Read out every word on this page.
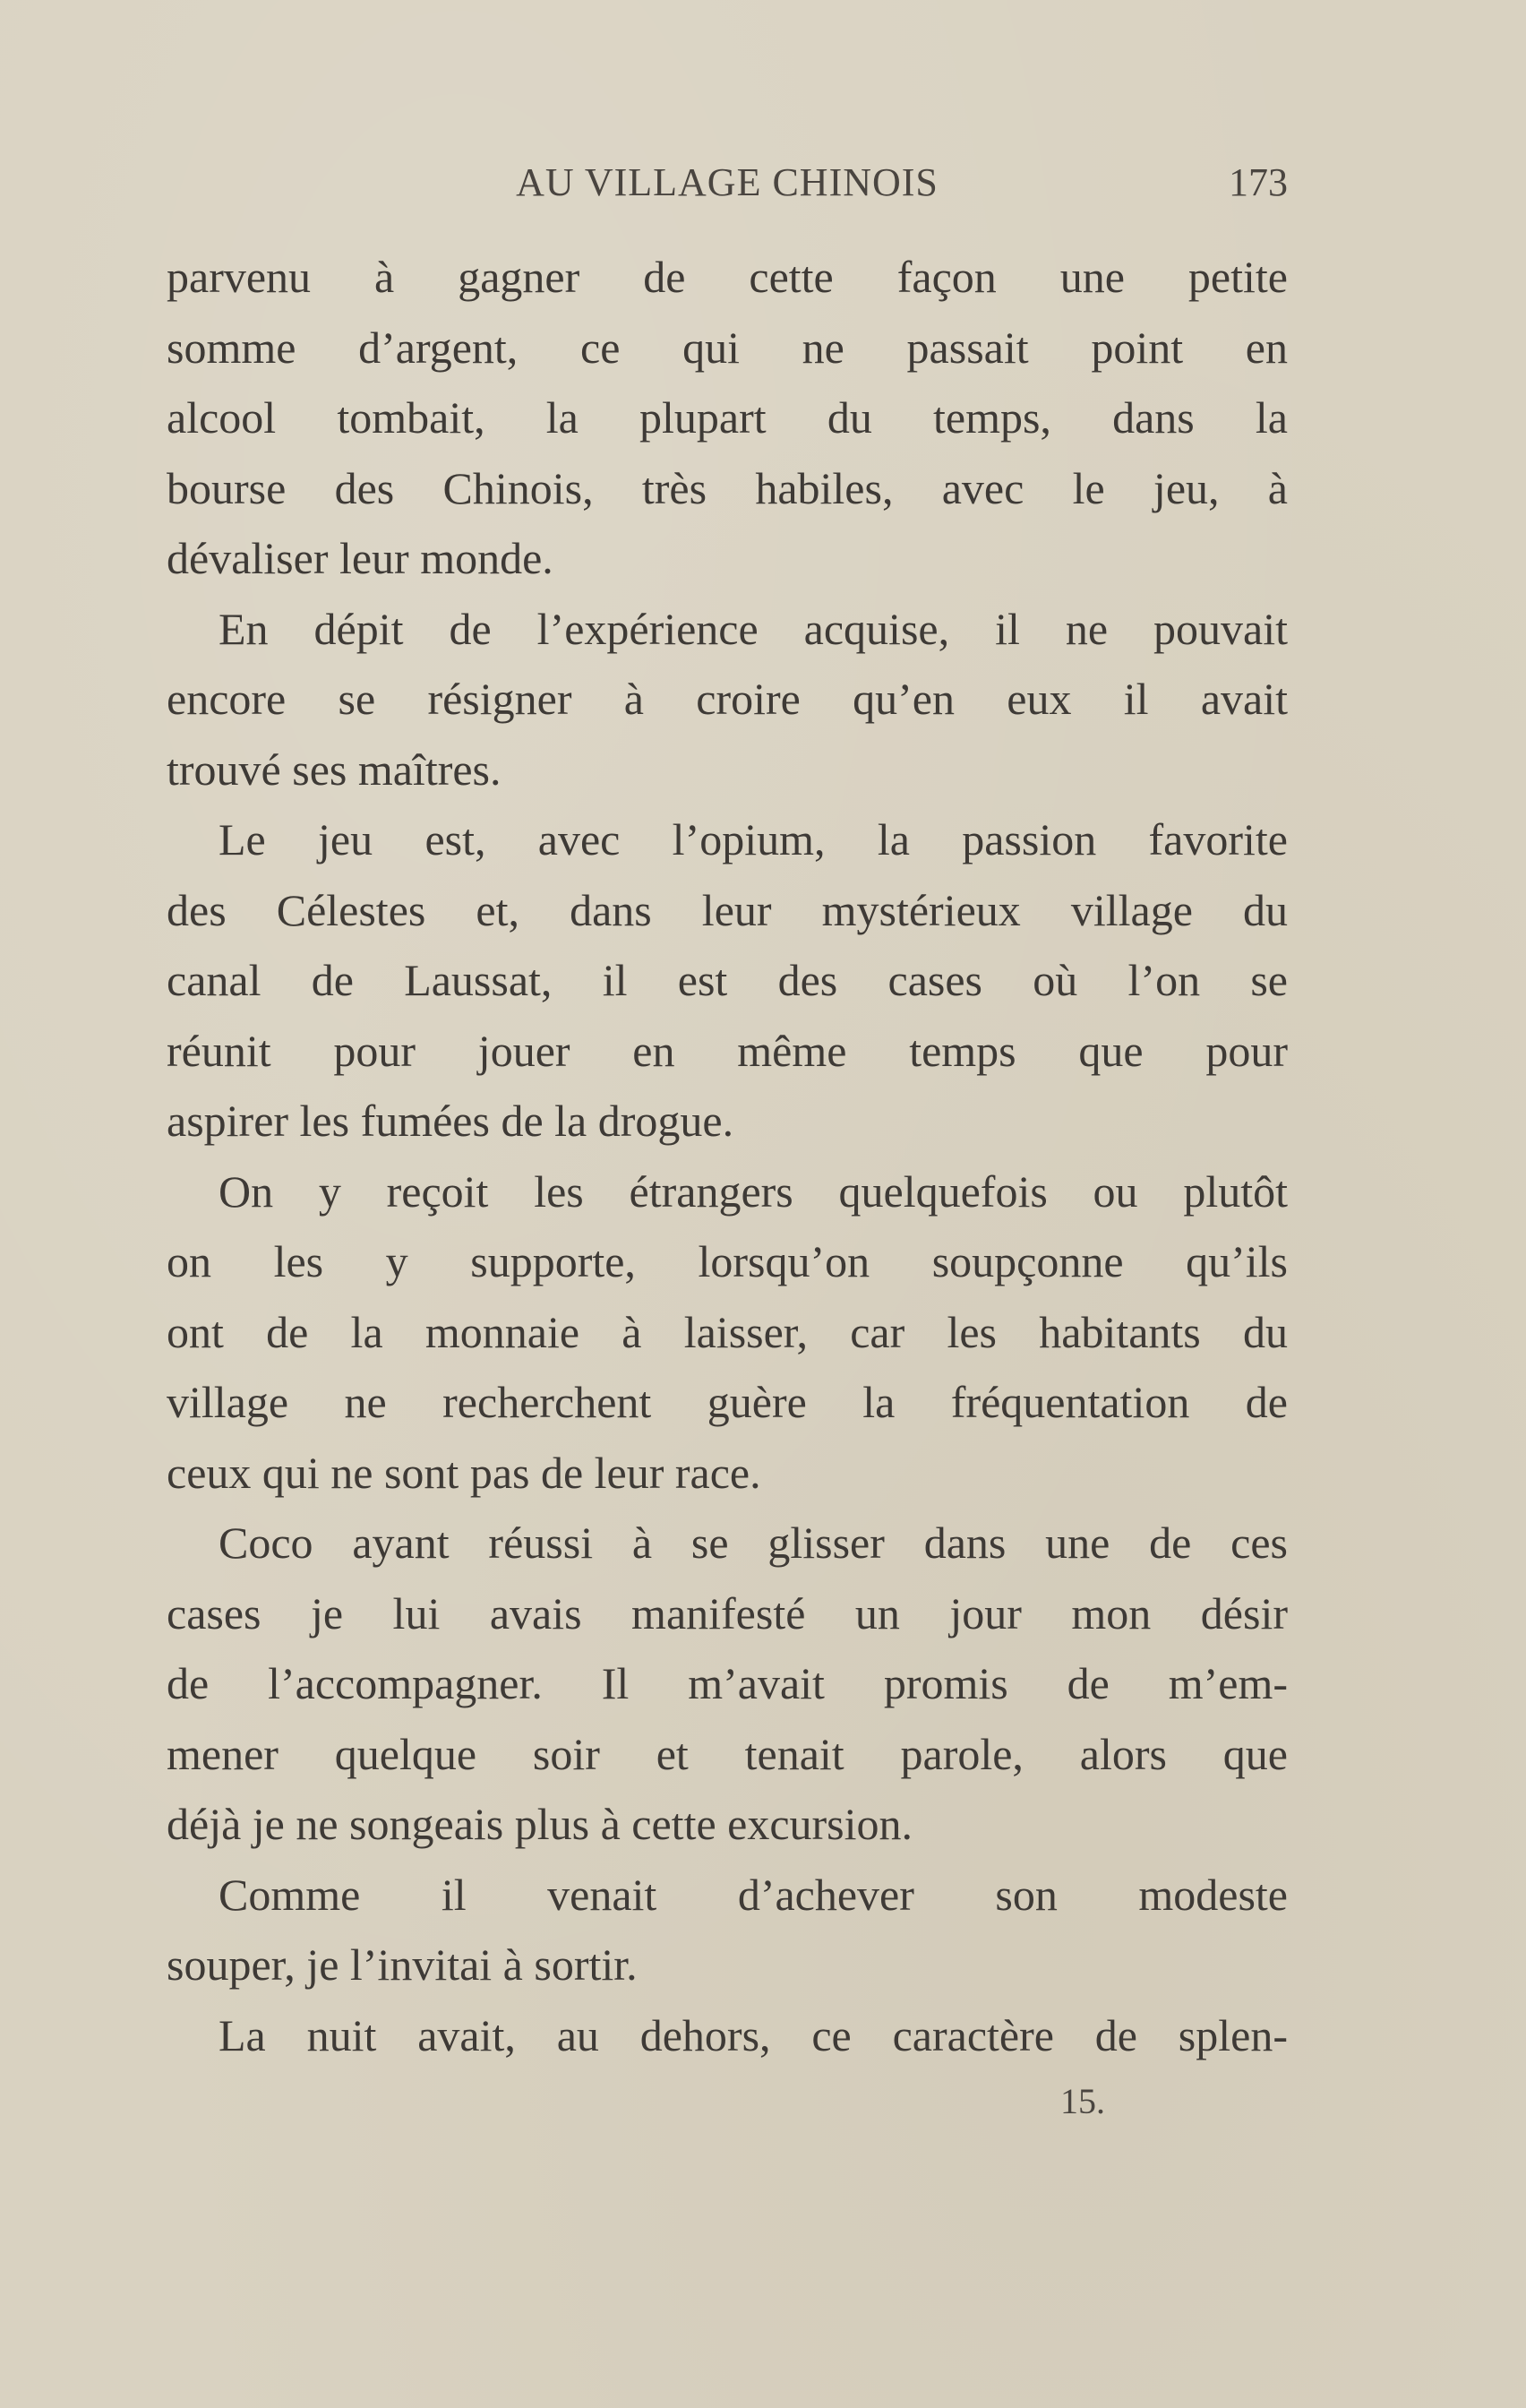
AU VILLAGE CHINOIS	173
parvenu à gagner de cette façon une petite
somme d’argent, ce qui ne passait point en
alcool tombait, la plupart du temps, dans la
bourse des Chinois, très habiles, avec le jeu, à
dévaliser leur monde.
En dépit de l’expérience acquise, il ne pouvait
encore se résigner à croire qu’en eux il avait
trouvé ses maîtres.
Le jeu est, avec l’opium, la passion favorite
des Célestes et, dans leur mystérieux village du
canal de Laussat, il est des cases où l’on se
réunit pour jouer en même temps que pour
aspirer les fumées de la drogue.
On y reçoit les étrangers quelquefois ou plutôt
on les y supporte, lorsqu’on soupçonne qu’ils
ont de la monnaie à laisser, car les habitants du
village ne recherchent guère la fréquentation de
ceux qui ne sont pas de leur race.
Coco ayant réussi à se glisser dans une de ces
cases je lui avais manifesté un jour mon désir
de l’accompagner. Il m’avait promis de m’em-
mener quelque soir et tenait parole, alors que
déjà je ne songeais plus à cette excursion.
Comme il venait d’achever son modeste
souper, je l’invitai à sortir.
La nuit avait, au dehors, ce caractère de splen-
15.
